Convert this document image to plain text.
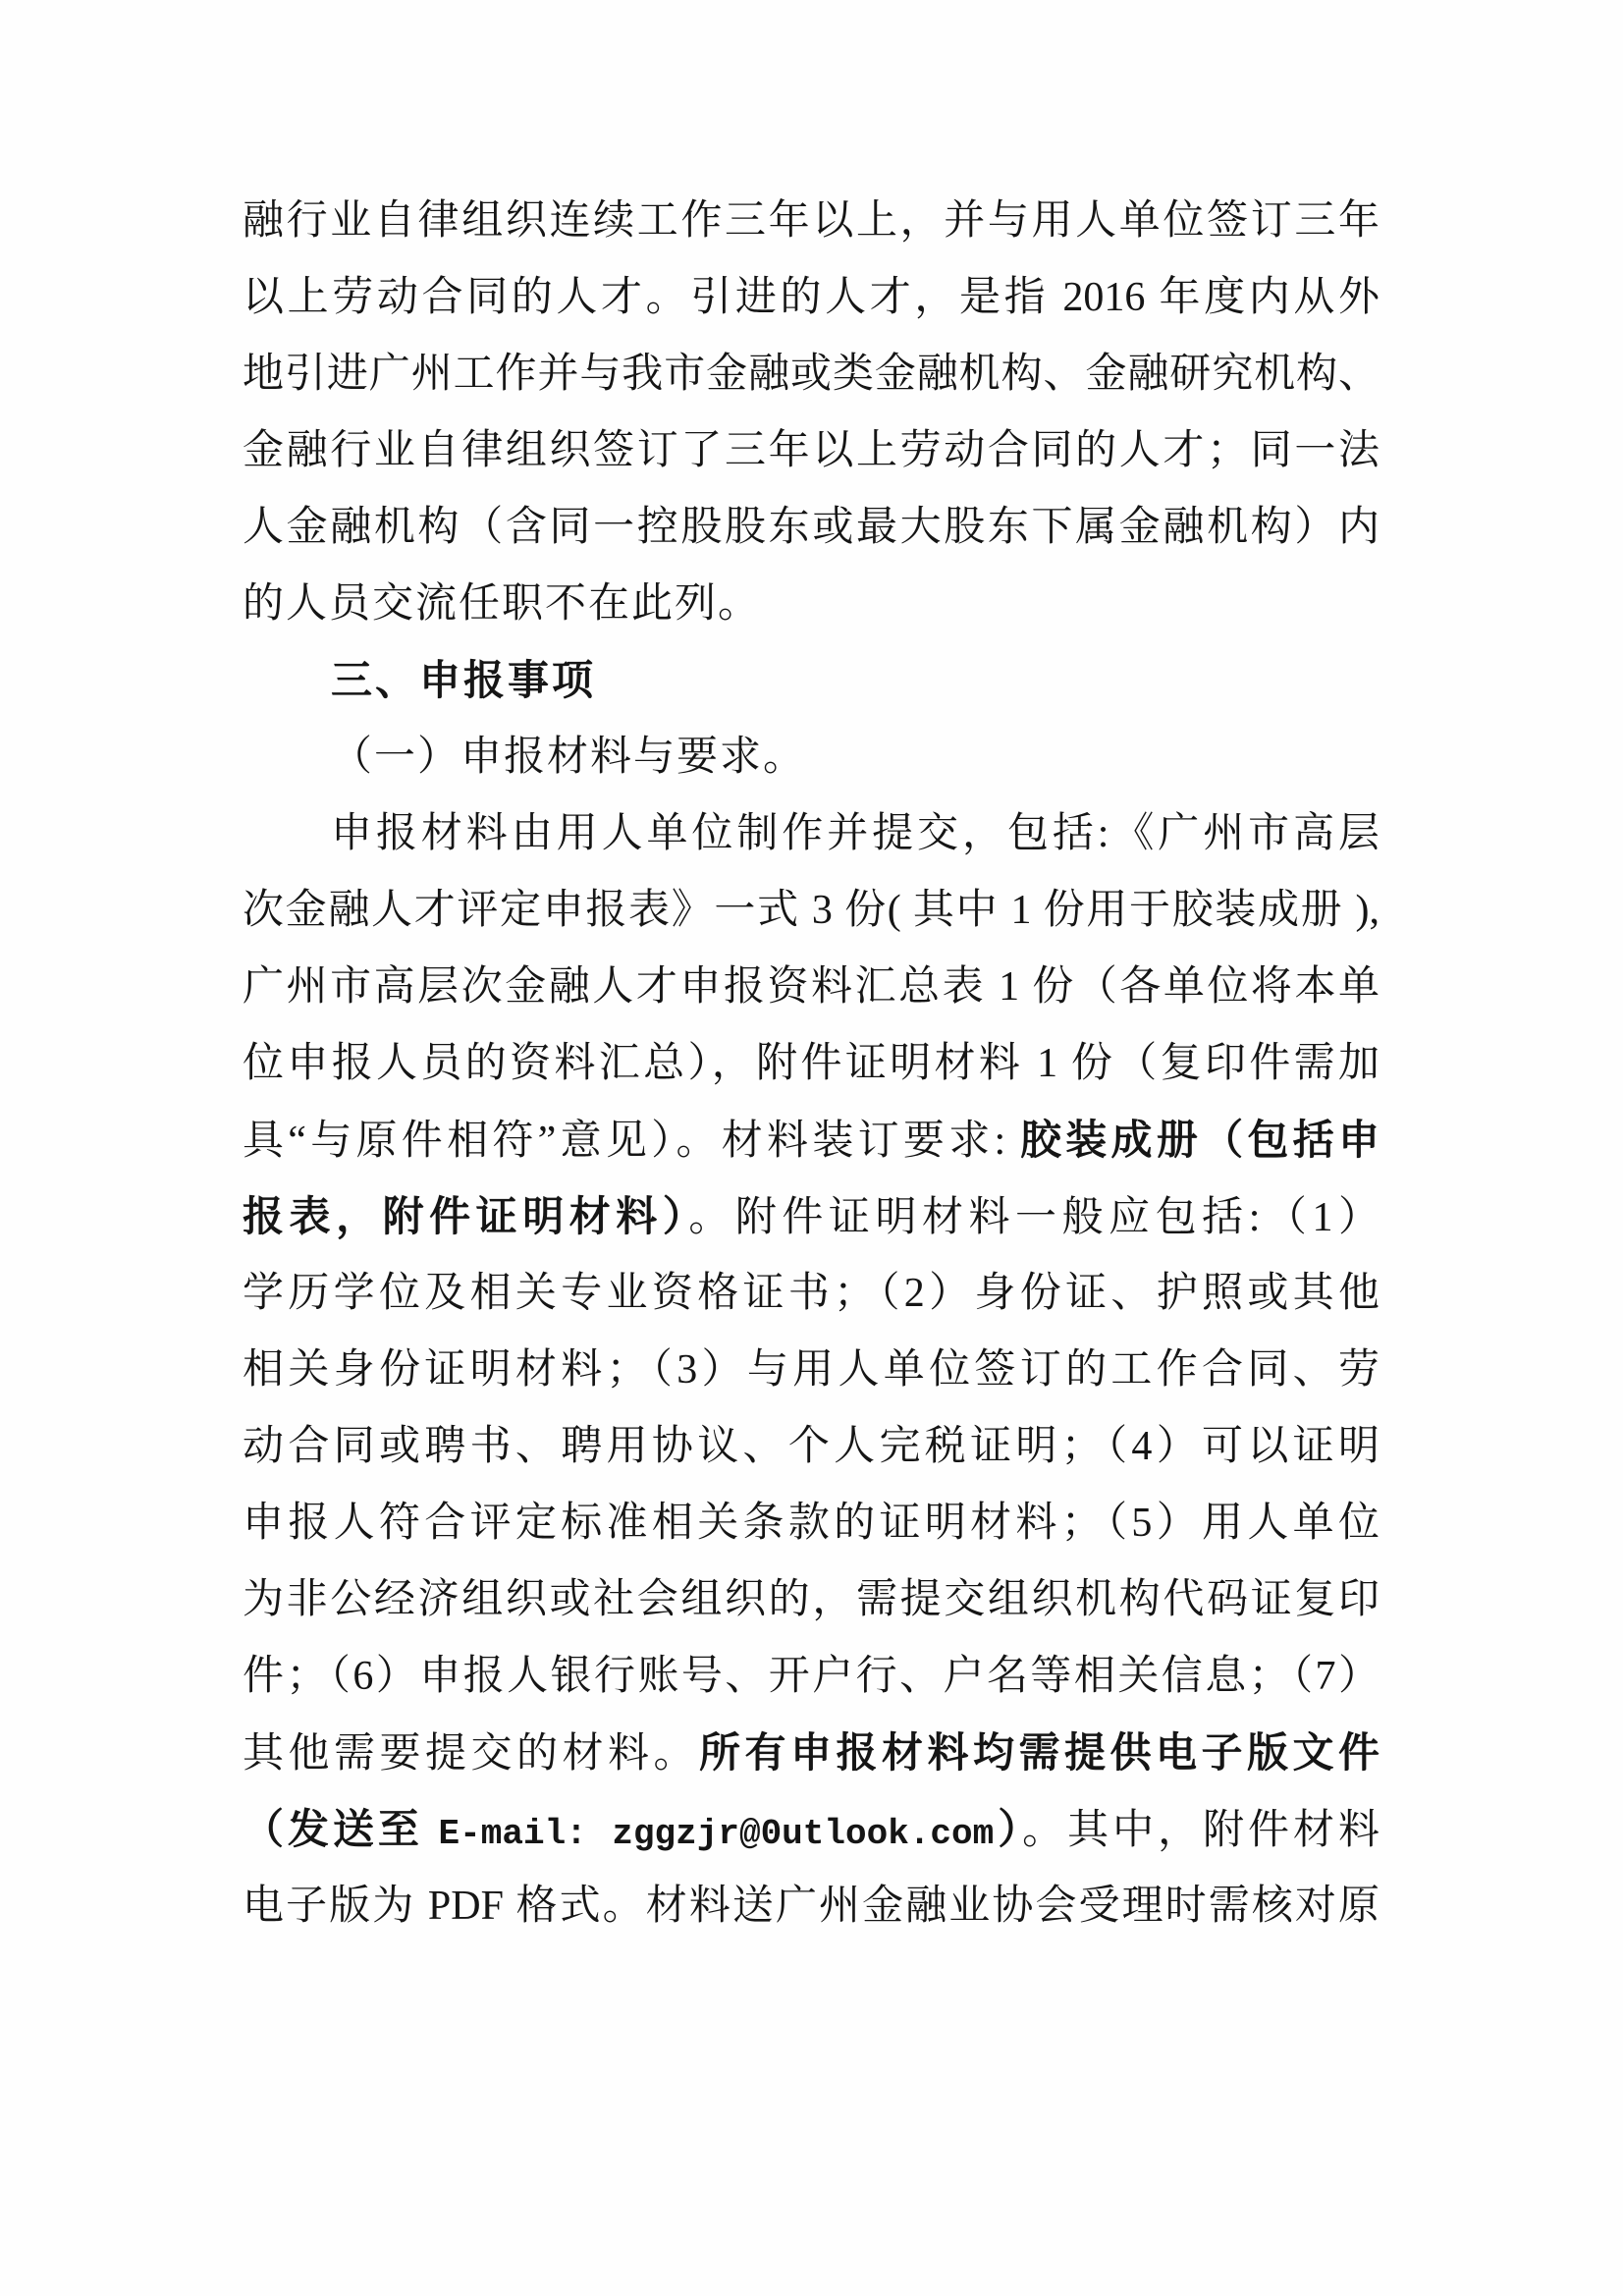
融行业自律组织连续工作三年以上，并与用人单位签订三年
以上劳动合同的人才。引进的人才，是指 2016 年度内从外
地引进广州工作并与我市金融或类金融机构、金融研究机构、
金融行业自律组织签订了三年以上劳动合同的人才；同一法
人金融机构（含同一控股股东或最大股东下属金融机构）内
的人员交流任职不在此列。
三、申报事项
（一）申报材料与要求。
申报材料由用人单位制作并提交，包括:《广州市高层
次金融人才评定申报表》一式 3 份( 其中 1 份用于胶装成册 ),
广州市高层次金融人才申报资料汇总表 1 份（各单位将本单
位申报人员的资料汇总），附件证明材料 1 份（复印件需加
具“与原件相符”意见）。材料装订要求: 胶装成册（包括申
报表，附件证明材料）。附件证明材料一般应包括:（1）
学历学位及相关专业资格证书；（2）身份证、护照或其他
相关身份证明材料；（3）与用人单位签订的工作合同、劳
动合同或聘书、聘用协议、个人完税证明；（4）可以证明
申报人符合评定标准相关条款的证明材料；（5）用人单位
为非公经济组织或社会组织的，需提交组织机构代码证复印
件；（6）申报人银行账号、开户行、户名等相关信息；（7）
其他需要提交的材料。所有申报材料均需提供电子版文件
（发送至 E-mail: zggzjr@0utlook.com）。其中，附件材料
电子版为 PDF 格式。材料送广州金融业协会受理时需核对原
